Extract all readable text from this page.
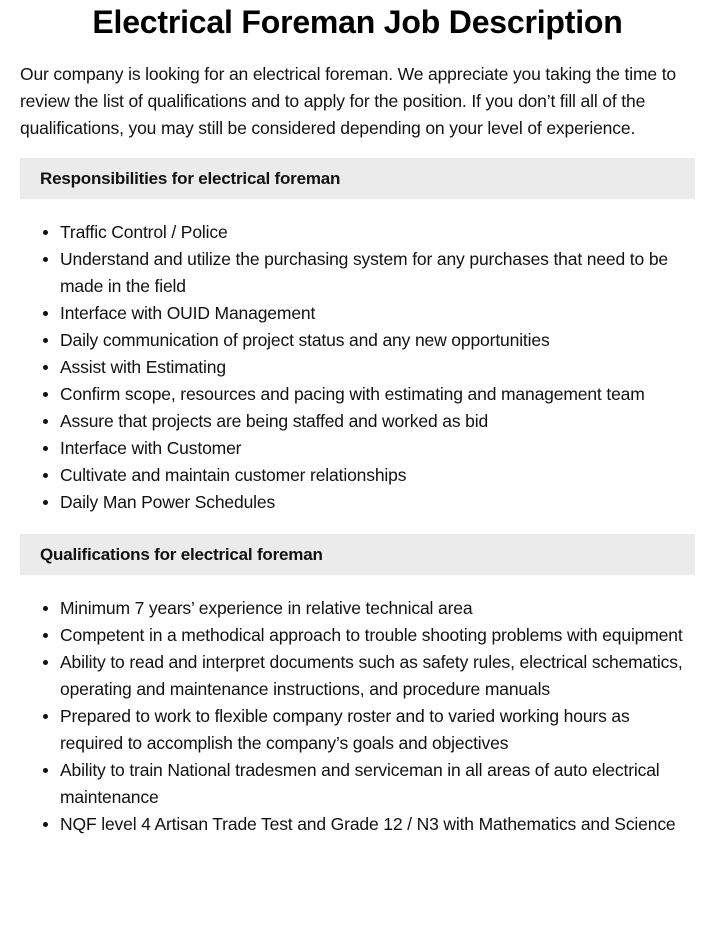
Electrical Foreman Job Description

Our company is looking for an electrical foreman. We appreciate you taking the time to review the list of qualifications and to apply for the position. If you don’t fill all of the qualifications, you may still be considered depending on your level of experience.

Responsibilities for electrical foreman
Traffic Control / Police
Understand and utilize the purchasing system for any purchases that need to be made in the field
Interface with OUID Management
Daily communication of project status and any new opportunities
Assist with Estimating
Confirm scope, resources and pacing with estimating and management team
Assure that projects are being staffed and worked as bid
Interface with Customer
Cultivate and maintain customer relationships
Daily Man Power Schedules
Qualifications for electrical foreman
Minimum 7 years’ experience in relative technical area
Competent in a methodical approach to trouble shooting problems with equipment
Ability to read and interpret documents such as safety rules, electrical schematics, operating and maintenance instructions, and procedure manuals
Prepared to work to flexible company roster and to varied working hours as required to accomplish the company’s goals and objectives
Ability to train National tradesmen and serviceman in all areas of auto electrical maintenance
NQF level 4 Artisan Trade Test and Grade 12 / N3 with Mathematics and Science
